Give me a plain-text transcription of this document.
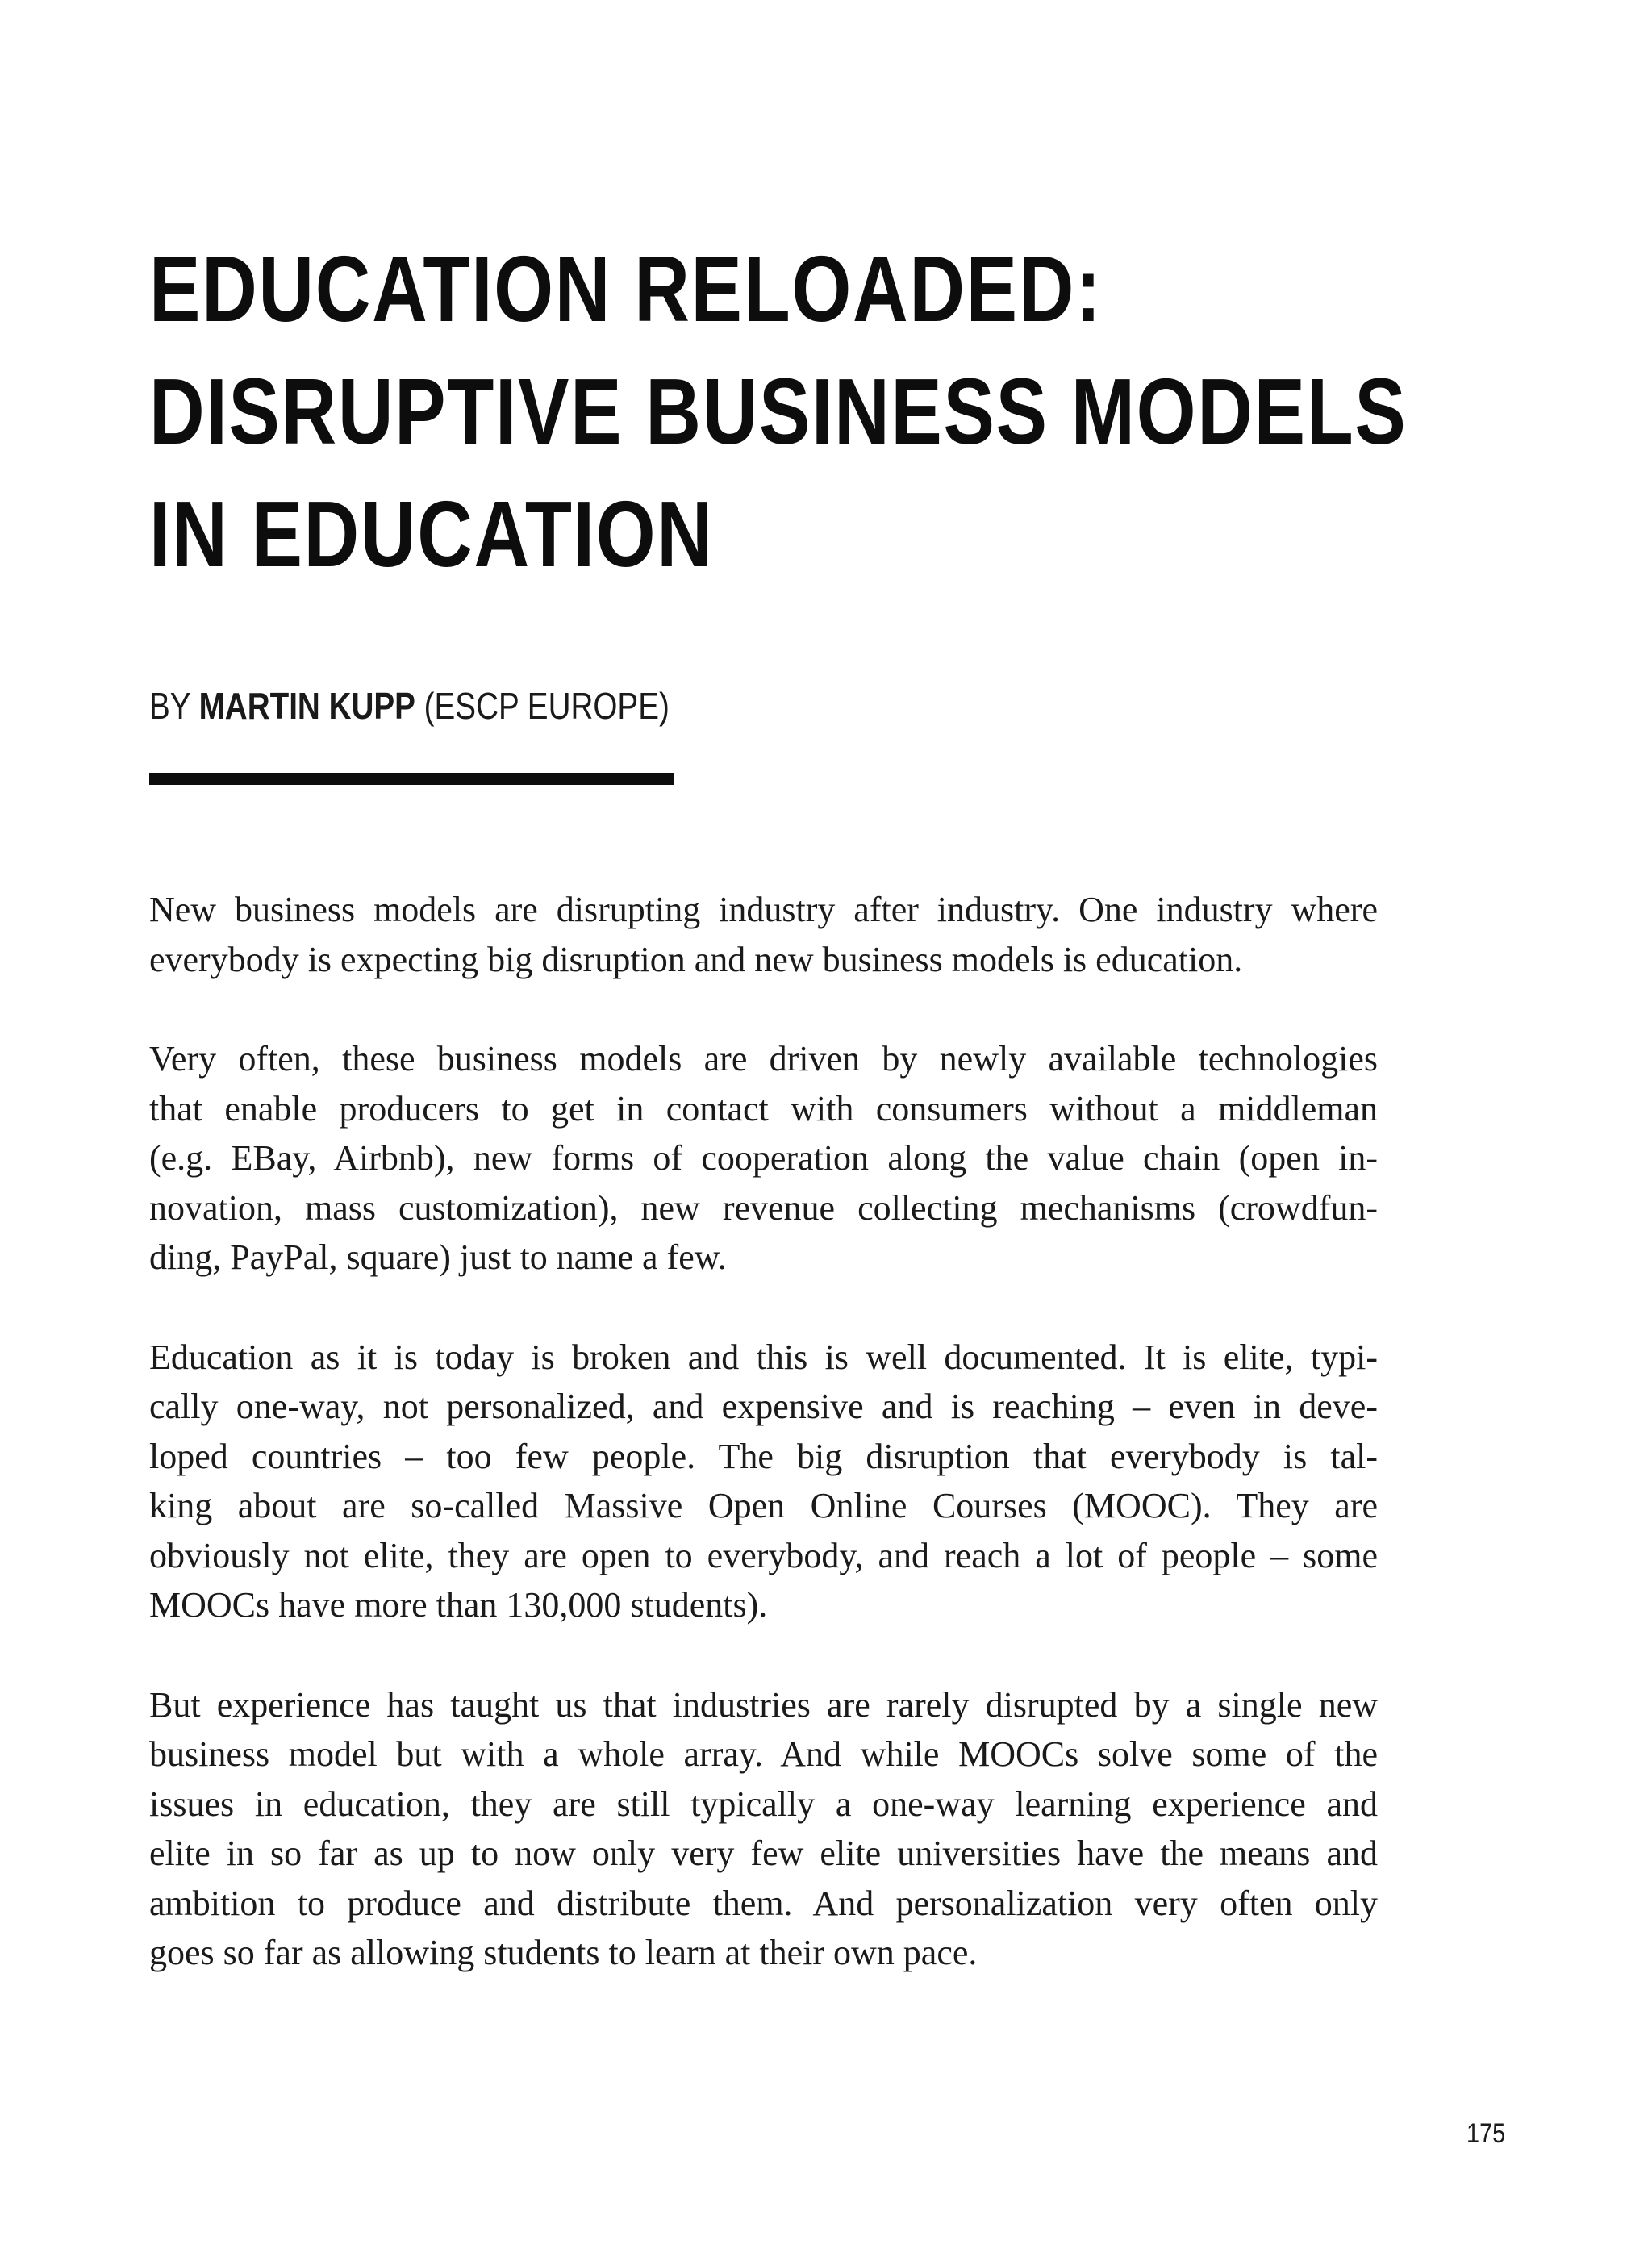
EDUCATION RELOADED:
DISRUPTIVE BUSINESS MODELS
IN EDUCATION
BY MARTIN KUPP (ESCP EUROPE)
New business models are disrupting industry after industry. One industry where
everybody is expecting big disruption and new business models is education.
Very often, these business models are driven by newly available technologies
that enable producers to get in contact with consumers without a middleman
(e.g. EBay, Airbnb), new forms of cooperation along the value chain (open in-
novation, mass customization), new revenue collecting mechanisms (crowdfun-
ding, PayPal, square) just to name a few.
Education as it is today is broken and this is well documented. It is elite, typi-
cally one-way, not personalized, and expensive and is reaching – even in deve-
loped countries – too few people. The big disruption that everybody is tal-
king about are so-called Massive Open Online Courses (MOOC). They are
obviously not elite, they are open to everybody, and reach a lot of people – some
MOOCs have more than 130,000 students).
But experience has taught us that industries are rarely disrupted by a single new
business model but with a whole array. And while MOOCs solve some of the
issues in education, they are still typically a one-way learning experience and
elite in so far as up to now only very few elite universities have the means and
ambition to produce and distribute them. And personalization very often only
goes so far as allowing students to learn at their own pace.
175
